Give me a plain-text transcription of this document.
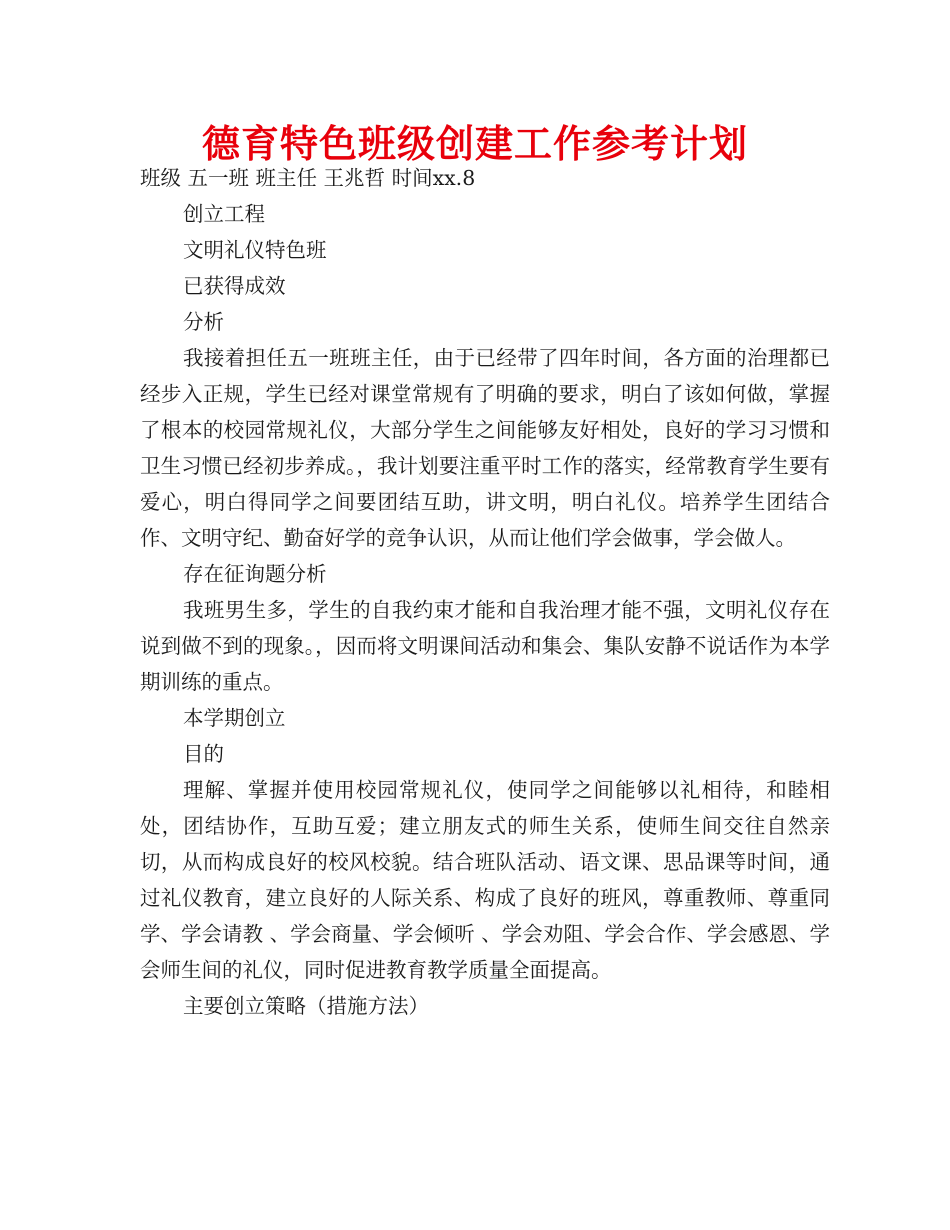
德育特色班级创建工作参考计划

班级 五一班 班主任 王兆哲 时间xx.8

创立工程

文明礼仪特色班

已获得成效

分析

我接着担任五一班班主任，由于已经带了四年时间，各方面的治理都已经步入正规，学生已经对课堂常规有了明确的要求，明白了该如何做，掌握了根本的校园常规礼仪，大部分学生之间能够友好相处，良好的学习习惯和卫生习惯已经初步养成。，我计划要注重平时工作的落实，经常教育学生要有爱心，明白得同学之间要团结互助，讲文明，明白礼仪。培养学生团结合作、文明守纪、勤奋好学的竞争认识，从而让他们学会做事，学会做人。

存在征询题分析

我班男生多，学生的自我约束才能和自我治理才能不强，文明礼仪存在说到做不到的现象。，因而将文明课间活动和集会、集队安静不说话作为本学期训练的重点。

本学期创立

目的

理解、掌握并使用校园常规礼仪，使同学之间能够以礼相待，和睦相处，团结协作，互助互爱；建立朋友式的师生关系，使师生间交往自然亲切，从而构成良好的校风校貌。结合班队活动、语文课、思品课等时间，通过礼仪教育，建立良好的人际关系、构成了良好的班风，尊重教师、尊重同学、学会请教 、学会商量、学会倾听 、学会劝阻、学会合作、学会感恩、学会师生间的礼仪，同时促进教育教学质量全面提高。

主要创立策略（措施方法）
